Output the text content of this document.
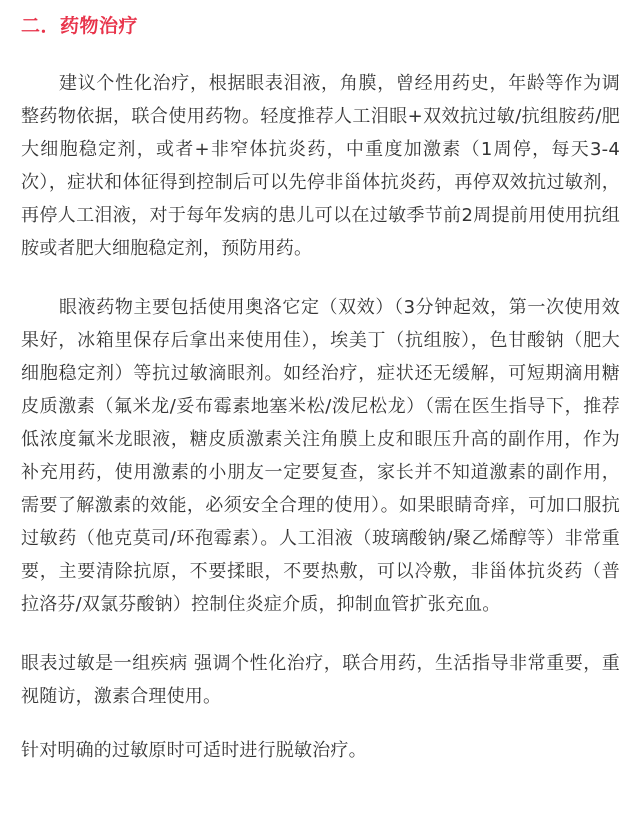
二．药物治疗

建议个性化治疗，根据眼表泪液，角膜，曾经用药史，年龄等作为调整药物依据，联合使用药物。轻度推荐人工泪眼+双效抗过敏/抗组胺药/肥大细胞稳定剂，或者+非窄体抗炎药，中重度加激素（1周停，每天3-4次），症状和体征得到控制后可以先停非甾体抗炎药，再停双效抗过敏剂，再停人工泪液，对于每年发病的患儿可以在过敏季节前2周提前用使用抗组胺或者肥大细胞稳定剂，预防用药。

眼液药物主要包括使用奥洛它定（双效）（3分钟起效，第一次使用效果好，冰箱里保存后拿出来使用佳），埃美丁（抗组胺），色甘酸钠（肥大细胞稳定剂）等抗过敏滴眼剂。如经治疗，症状还无缓解，可短期滴用糖皮质激素（氟米龙/妥布霉素地塞米松/泼尼松龙）（需在医生指导下，推荐低浓度氟米龙眼液，糖皮质激素关注角膜上皮和眼压升高的副作用，作为补充用药，使用激素的小朋友一定要复查，家长并不知道激素的副作用，需要了解激素的效能，必须安全合理的使用）。如果眼睛奇痒，可加口服抗过敏药（他克莫司/环孢霉素）。人工泪液（玻璃酸钠/聚乙烯醇等）非常重要，主要清除抗原，不要揉眼，不要热敷，可以冷敷，非甾体抗炎药（普拉洛芬/双氯芬酸钠）控制住炎症介质，抑制血管扩张充血。

眼表过敏是一组疾病 强调个性化治疗，联合用药，生活指导非常重要，重视随访，激素合理使用。

针对明确的过敏原时可适时进行脱敏治疗。
